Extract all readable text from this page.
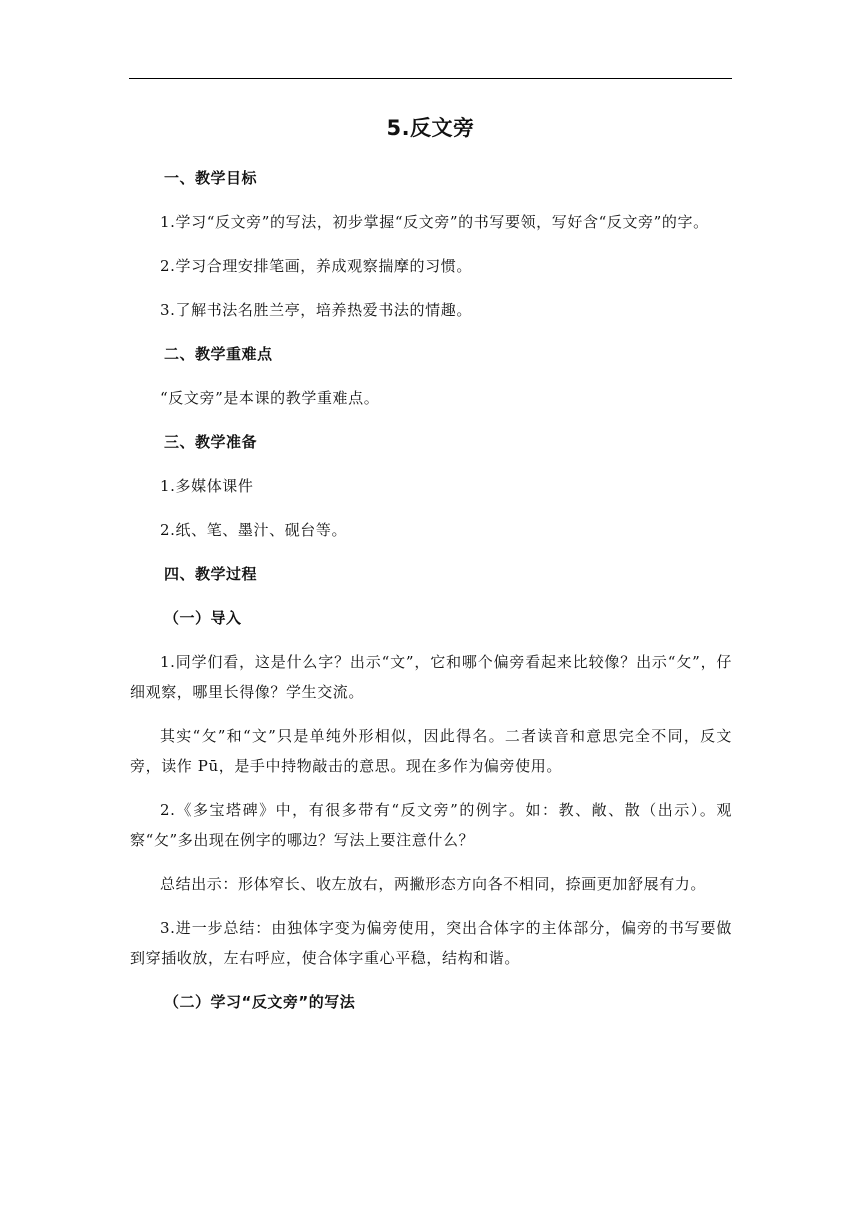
5.反文旁
一、教学目标

1.学习“反文旁”的写法，初步掌握“反文旁”的书写要领，写好含“反文旁”的字。

2.学习合理安排笔画，养成观察揣摩的习惯。

3.了解书法名胜兰亭，培养热爱书法的情趣。

二、教学重难点

“反文旁”是本课的教学重难点。

三、教学准备

1.多媒体课件

2.纸、笔、墨汁、砚台等。

四、教学过程
（一）导入

1.同学们看，这是什么字？出示“文”，它和哪个偏旁看起来比较像？出示“攵”，仔细观察，哪里长得像？学生交流。

其实“攵”和“文”只是单纯外形相似，因此得名。二者读音和意思完全不同，反文旁，读作 Pū，是手中持物敲击的意思。现在多作为偏旁使用。

2.《多宝塔碑》中，有很多带有“反文旁”的例字。如：教、敞、散（出示）。观察“攵”多出现在例字的哪边？写法上要注意什么？

总结出示：形体窄长、收左放右，两撇形态方向各不相同，捺画更加舒展有力。

3.进一步总结：由独体字变为偏旁使用，突出合体字的主体部分，偏旁的书写要做到穿插收放，左右呼应，使合体字重心平稳，结构和谐。

（二）学习“反文旁”的写法
